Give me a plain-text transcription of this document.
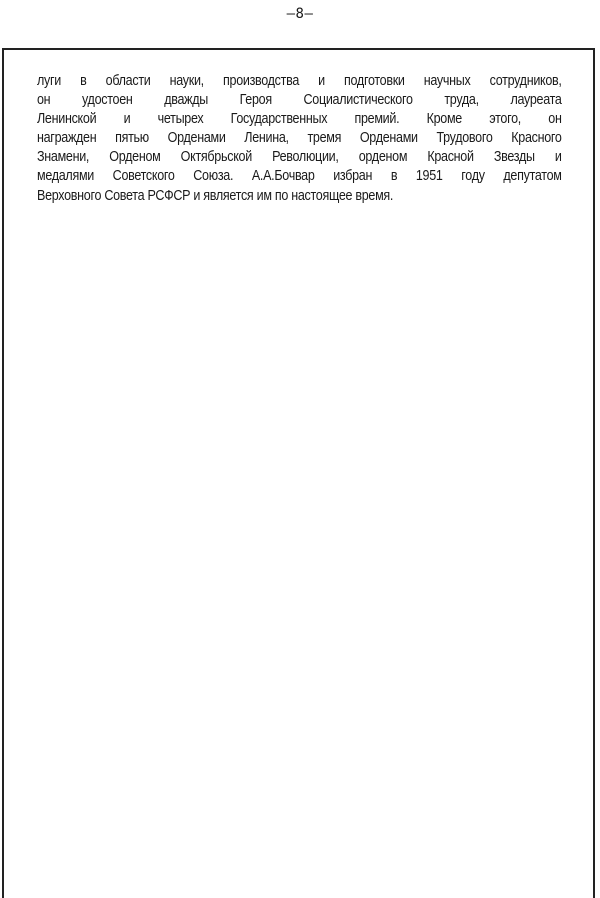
—8—
луги в области науки, производства и подготовки научных сотрудников,
он удостоен дважды Героя Социалистического труда, лауреата
Ленинской и четырех Государственных премий. Кроме этого, он
награжден пятью Орденами Ленина, тремя Орденами Трудового Красного
Знамени, Орденом Октябрьской Революции, орденом Красной Звезды и
медалями Советского Союза. А.А.Бочвар избран в 1951 году депутатом
Верховного Совета РСФСР и является им по настоящее время.
